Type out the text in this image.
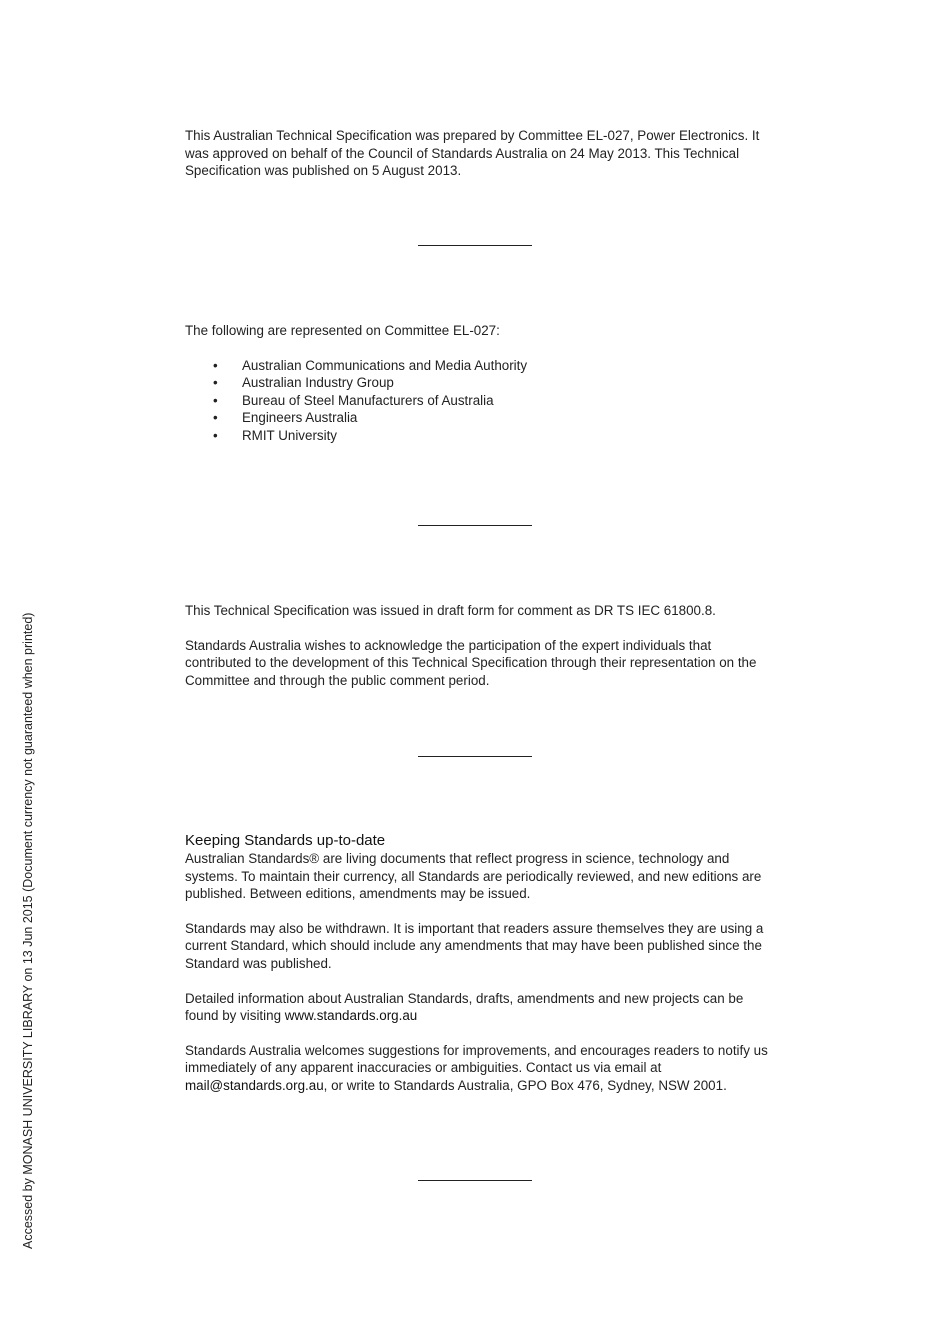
This Australian Technical Specification was prepared by Committee EL-027, Power Electronics. It was approved on behalf of the Council of Standards Australia on 24 May 2013. This Technical Specification was published on 5 August 2013.

The following are represented on Committee EL-027:

• Australian Communications and Media Authority
• Australian Industry Group
• Bureau of Steel Manufacturers of Australia
• Engineers Australia
• RMIT University

This Technical Specification was issued in draft form for comment as DR TS IEC 61800.8.

Standards Australia wishes to acknowledge the participation of the expert individuals that contributed to the development of this Technical Specification through their representation on the Committee and through the public comment period.

Keeping Standards up-to-date

Australian Standards® are living documents that reflect progress in science, technology and systems. To maintain their currency, all Standards are periodically reviewed, and new editions are published. Between editions, amendments may be issued.

Standards may also be withdrawn. It is important that readers assure themselves they are using a current Standard, which should include any amendments that may have been published since the Standard was published.

Detailed information about Australian Standards, drafts, amendments and new projects can be found by visiting www.standards.org.au

Standards Australia welcomes suggestions for improvements, and encourages readers to notify us immediately of any apparent inaccuracies or ambiguities. Contact us via email at mail@standards.org.au, or write to Standards Australia, GPO Box 476, Sydney, NSW 2001.

Accessed by MONASH UNIVERSITY LIBRARY on 13 Jun 2015 (Document currency not guaranteed when printed)
